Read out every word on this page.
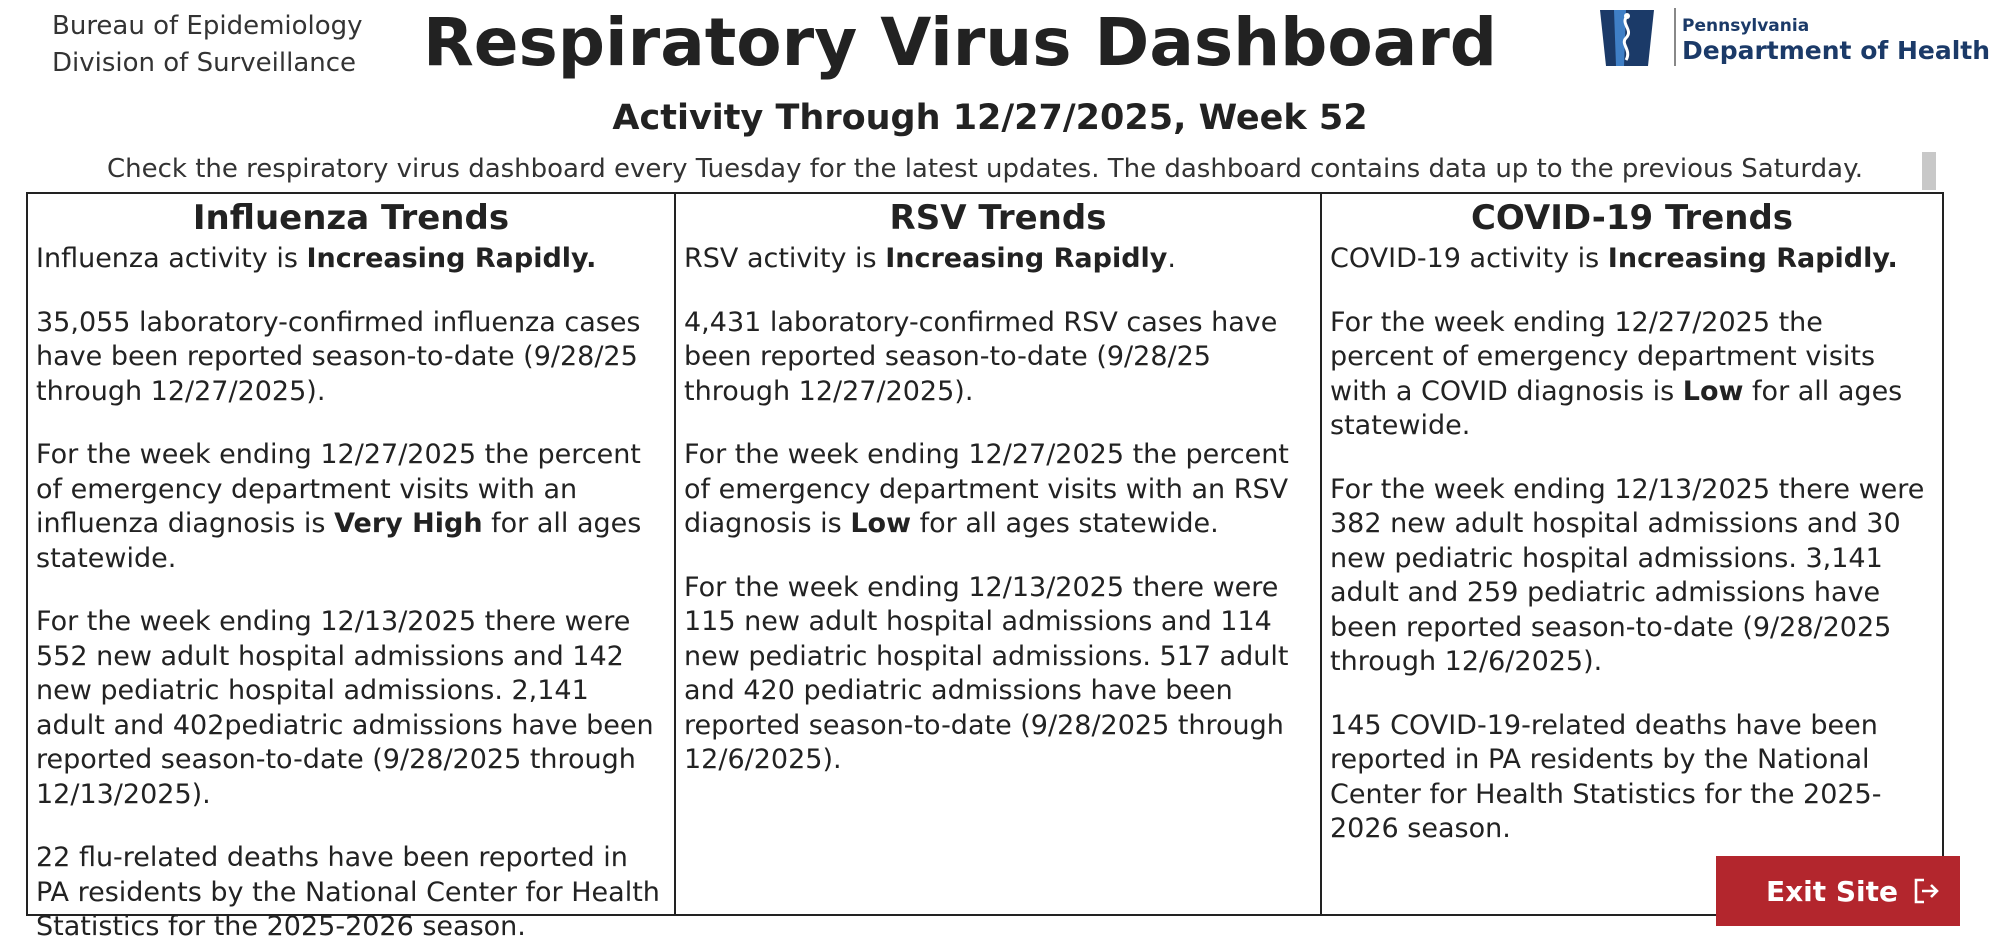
Bureau of Epidemiology
Division of Surveillance	Respiratory Virus Dashboard
Activity Through 12/27/2025, Week 52
Check the respiratory virus dashboard every Tuesday for the latest updates. The dashboard contains data up to the previous Saturday.
Pennsylvania
Department of Health
Influenza Trends

Influenza activity is Increasing Rapidly.

35,055 laboratory-confirmed influenza cases have been reported season-to-date (9/28/25 through 12/27/2025).

For the week ending 12/27/2025 the percent of emergency department visits with an influenza diagnosis is Very High for all ages statewide.

For the week ending 12/13/2025 there were 552 new adult hospital admissions and 142 new pediatric hospital admissions. 2,141 adult and 402pediatric admissions have been reported season-to-date (9/28/2025 through 12/13/2025).

22 flu-related deaths have been reported in PA residents by the National Center for Health Statistics for the 2025-2026 season.

RSV Trends

RSV activity is Increasing Rapidly.

4,431 laboratory-confirmed RSV cases have been reported season-to-date (9/28/25 through 12/27/2025).

For the week ending 12/27/2025 the percent of emergency department visits with an RSV diagnosis is Low for all ages statewide.

For the week ending 12/13/2025 there were 115 new adult hospital admissions and 114 new pediatric hospital admissions. 517 adult and 420 pediatric admissions have been reported season-to-date (9/28/2025 through 12/6/2025).

COVID-19 Trends

COVID-19 activity is Increasing Rapidly.

For the week ending 12/27/2025 the percent of emergency department visits with a COVID diagnosis is Low for all ages statewide.

For the week ending 12/13/2025 there were 382 new adult hospital admissions and 30 new pediatric hospital admissions. 3,141 adult and 259 pediatric admissions have been reported season-to-date (9/28/2025 through 12/6/2025).

145 COVID-19-related deaths have been reported in PA residents by the National Center for Health Statistics for the 2025-2026 season.

Exit Site
